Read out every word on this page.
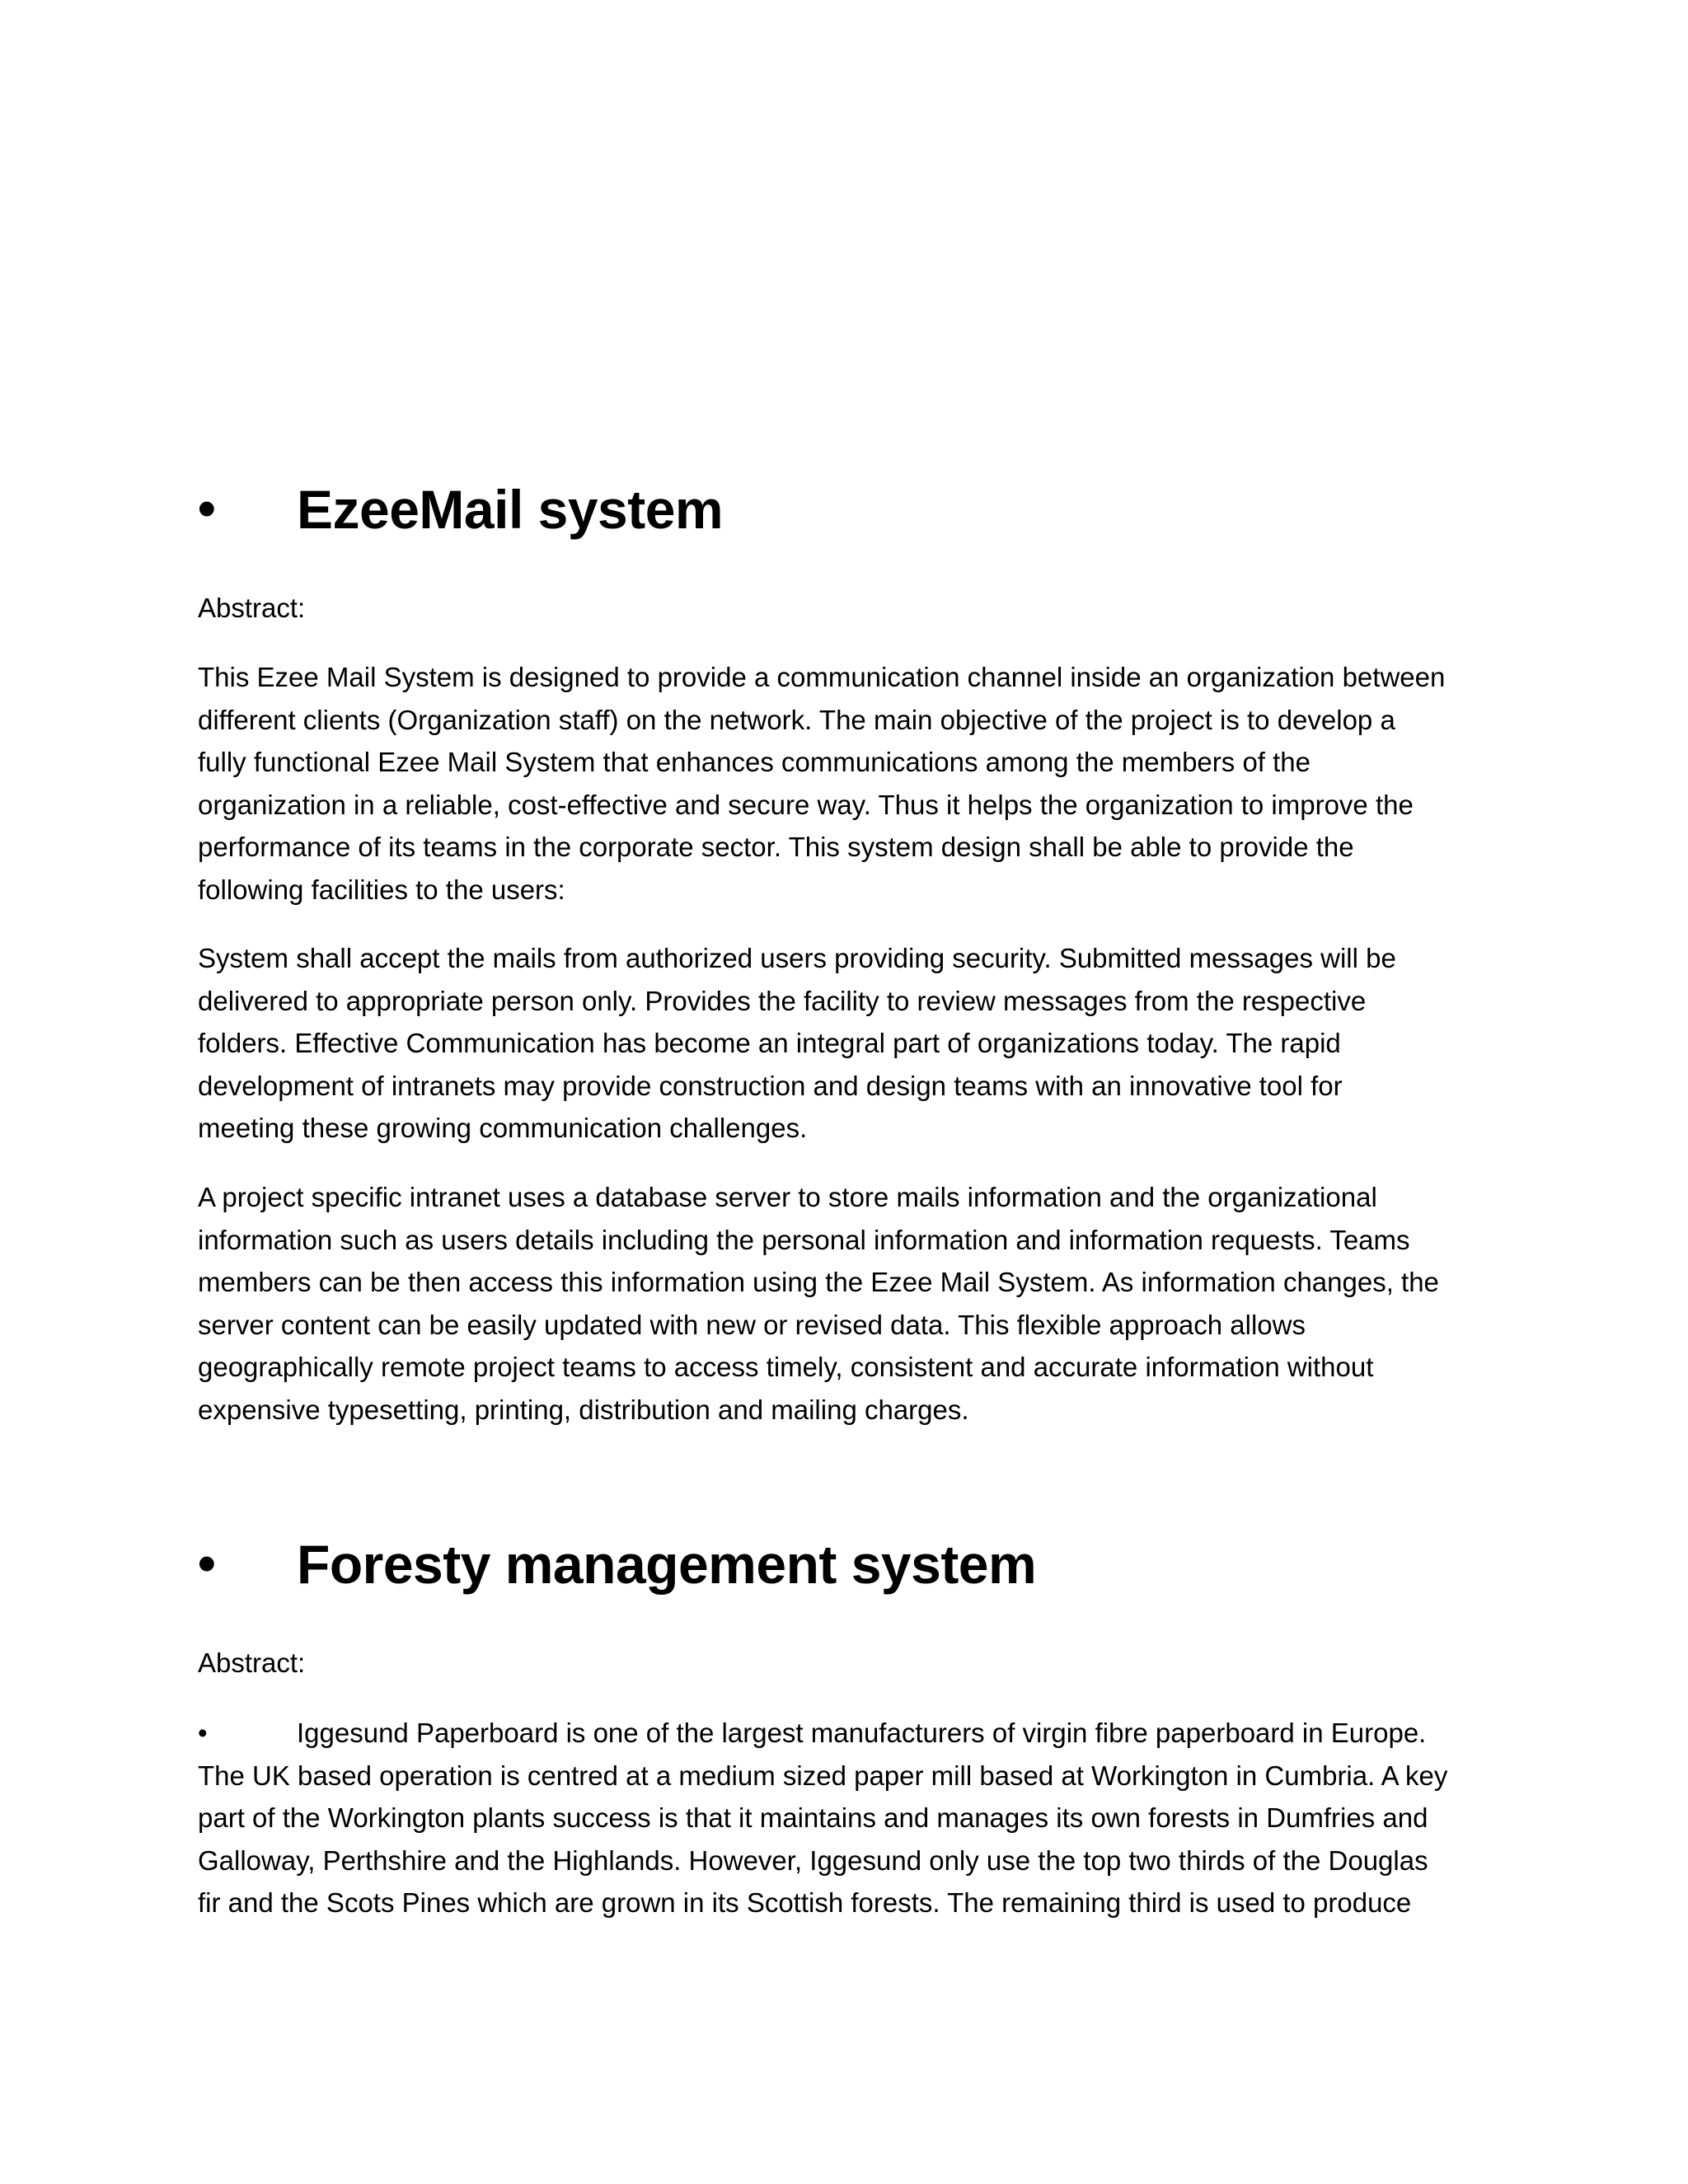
•	EzeeMail system
Abstract:

This Ezee Mail System is designed to provide a communication channel inside an organization between
different clients (Organization staff) on the network. The main objective of the project is to develop a
fully functional Ezee Mail System that enhances communications among the members of the
organization in a reliable, cost-effective and secure way. Thus it helps the organization to improve the
performance of its teams in the corporate sector. This system design shall be able to provide the
following facilities to the users:

System shall accept the mails from authorized users providing security. Submitted messages will be
delivered to appropriate person only. Provides the facility to review messages from the respective
folders. Effective Communication has become an integral part of organizations today. The rapid
development of intranets may provide construction and design teams with an innovative tool for
meeting these growing communication challenges.

A project specific intranet uses a database server to store mails information and the organizational
information such as users details including the personal information and information requests. Teams
members can be then access this information using the Ezee Mail System. As information changes, the
server content can be easily updated with new or revised data. This flexible approach allows
geographically remote project teams to access timely, consistent and accurate information without
expensive typesetting, printing, distribution and mailing charges.

•	Foresty management system
Abstract:

•	Iggesund Paperboard is one of the largest manufacturers of virgin fibre paperboard in Europe.
The UK based operation is centred at a medium sized paper mill based at Workington in Cumbria. A key
part of the Workington plants success is that it maintains and manages its own forests in Dumfries and
Galloway, Perthshire and the Highlands. However, Iggesund only use the top two thirds of the Douglas
fir and the Scots Pines which are grown in its Scottish forests. The remaining third is used to produce
